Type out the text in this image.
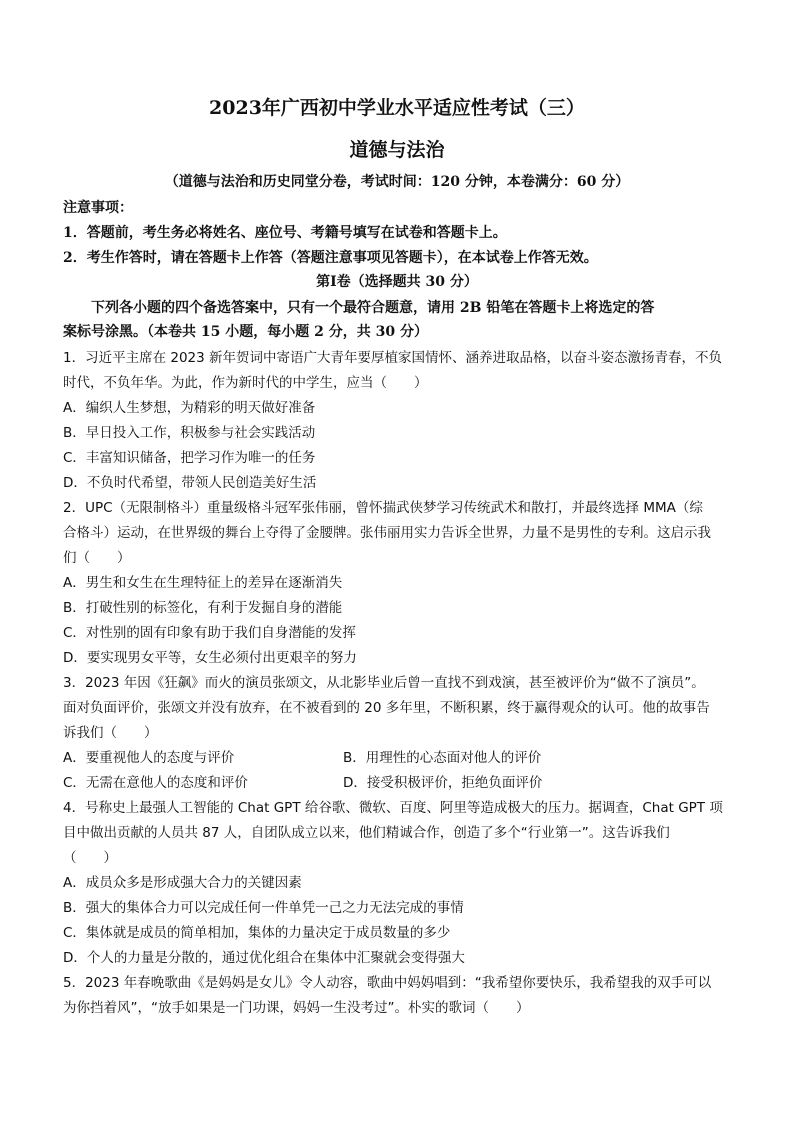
2023年广西初中学业水平适应性考试（三）
道德与法治
（道德与法治和历史同堂分卷，考试时间：120 分钟，本卷满分：60 分）
注意事项：
1．答题前，考生务必将姓名、座位号、考籍号填写在试卷和答题卡上。
2．考生作答时，请在答题卡上作答（答题注意事项见答题卡），在本试卷上作答无效。
第Ⅰ卷（选择题共 30 分）
下列各小题的四个备选答案中，只有一个最符合题意，请用 2B 铅笔在答题卡上将选定的答
案标号涂黑。（本卷共 15 小题，每小题 2 分，共 30 分）
1．习近平主席在 2023 新年贺词中寄语广大青年要厚植家国情怀、涵养进取品格，以奋斗姿态激扬青春，不负
时代，不负年华。为此，作为新时代的中学生，应当（　　）
A．编织人生梦想，为精彩的明天做好准备
B．早日投入工作，积极参与社会实践活动
C．丰富知识储备，把学习作为唯一的任务
D．不负时代希望，带领人民创造美好生活
2．UPC（无限制格斗）重量级格斗冠军张伟丽，曾怀揣武侠梦学习传统武术和散打，并最终选择 MMA（综
合格斗）运动，在世界级的舞台上夺得了金腰牌。张伟丽用实力告诉全世界，力量不是男性的专利。这启示我
们（　　）
A．男生和女生在生理特征上的差异在逐渐消失
B．打破性别的标签化，有利于发掘自身的潜能
C．对性别的固有印象有助于我们自身潜能的发挥
D．要实现男女平等，女生必须付出更艰辛的努力
3．2023 年因《狂飙》而火的演员张颂文，从北影毕业后曾一直找不到戏演，甚至被评价为“做不了演员”。
面对负面评价，张颂文并没有放弃，在不被看到的 20 多年里，不断积累，终于赢得观众的认可。他的故事告
诉我们（　　）
A．要重视他人的态度与评价	B．用理性的心态面对他人的评价
C．无需在意他人的态度和评价	D．接受积极评价，拒绝负面评价
4．号称史上最强人工智能的 Chat GPT 给谷歌、微软、百度、阿里等造成极大的压力。据调查，Chat GPT 项
目中做出贡献的人员共 87 人，自团队成立以来，他们精诚合作，创造了多个“行业第一”。这告诉我们
（　　）
A．成员众多是形成强大合力的关键因素
B．强大的集体合力可以完成任何一件单凭一己之力无法完成的事情
C．集体就是成员的简单相加，集体的力量决定于成员数量的多少
D．个人的力量是分散的，通过优化组合在集体中汇聚就会变得强大
5．2023 年春晚歌曲《是妈妈是女儿》令人动容，歌曲中妈妈唱到：“我希望你要快乐，我希望我的双手可以
为你挡着风”，“放手如果是一门功课，妈妈一生没考过”。朴实的歌词（　　）
